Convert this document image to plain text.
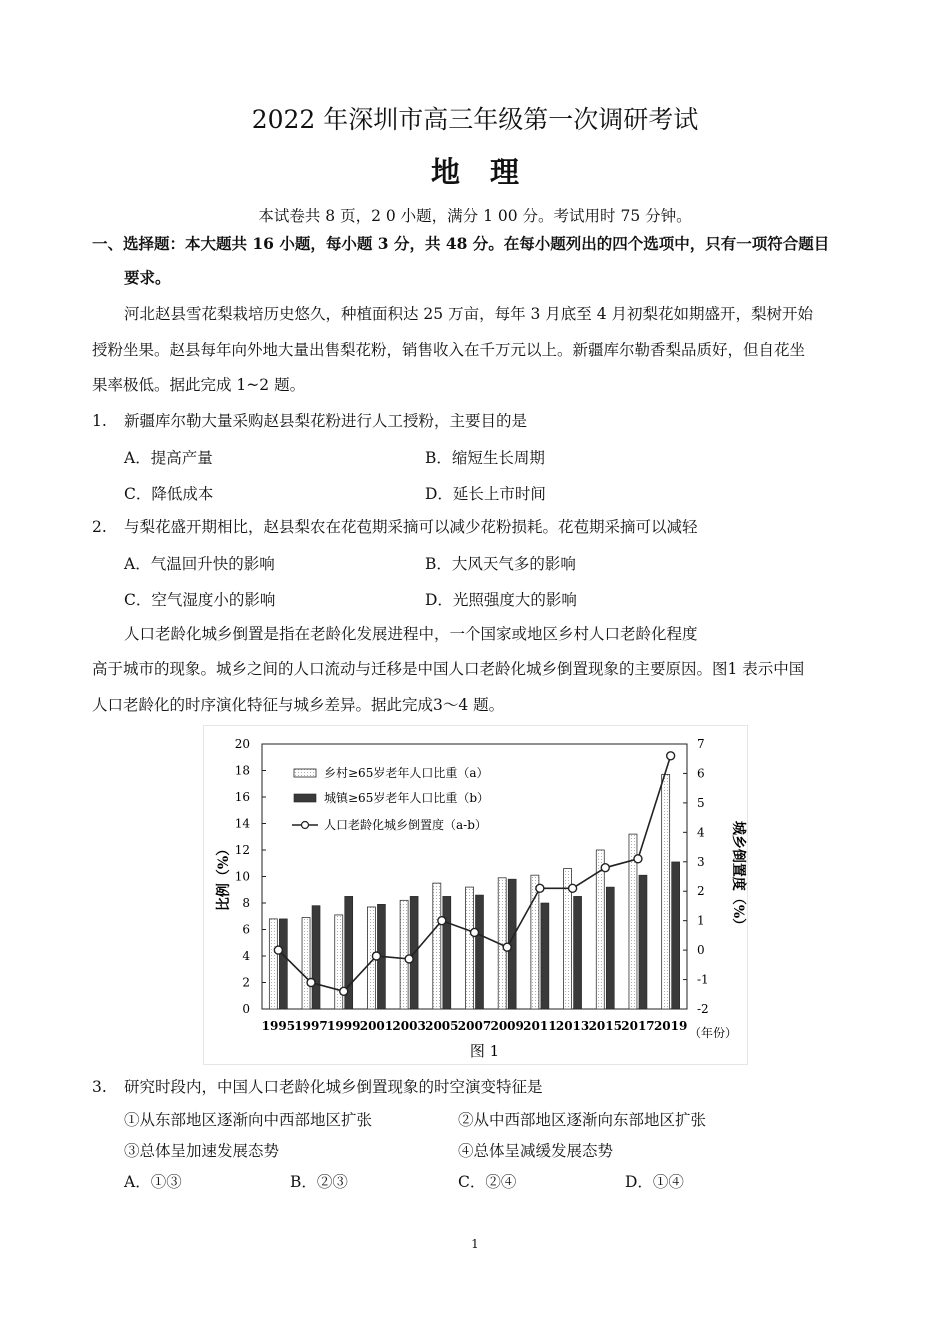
2022 年深圳市高三年级第一次调研考试
地理
本试卷共 8 页，2 0 小题，满分 1 00 分。考试用时 75 分钟。
一、选择题：本大题共 16 小题，每小题 3 分，共 48 分。在每小题列出的四个选项中，只有一项符合题目
要求。
河北赵县雪花梨栽培历史悠久，种植面积达 25 万亩，每年 3 月底至 4 月初梨花如期盛开，梨树开始
授粉坐果。赵县每年向外地大量出售梨花粉，销售收入在千万元以上。新疆库尔勒香梨品质好，但自花坐
果率极低。据此完成 1~2 题。
1. 新疆库尔勒大量采购赵县梨花粉进行人工授粉，主要目的是
A．提高产量	B．缩短生长周期
C．降低成本	D．延长上市时间
2. 与梨花盛开期相比，赵县梨农在花苞期采摘可以减少花粉损耗。花苞期采摘可以减轻
A．气温回升快的影响	B．大风天气多的影响
C．空气湿度小的影响	D．光照强度大的影响
人口老龄化城乡倒置是指在老龄化发展进程中，一个国家或地区乡村人口老龄化程度
高于城市的现象。城乡之间的人口流动与迁移是中国人口老龄化城乡倒置现象的主要原因。图1 表示中国
人口老龄化的时序演化特征与城乡差异。据此完成3～4 题。
0
2
4
6
8
10
12
14
16
18
20
-2
-1
0
1
2
3
4
5
6
7
1995 1997 1999 2001 2003 2005 2007 2009 2011 2013 2015 2017 2019
乡村≥65岁老年人口比重（a）
城镇≥65岁老年人口比重（b）
人口老龄化城乡倒置度（a-b）
比例（%）	城乡倒置度（%）
（年份）
图 1
3. 研究时段内，中国人口老龄化城乡倒置现象的时空演变特征是
①从东部地区逐渐向中西部地区扩张	②从中西部地区逐渐向东部地区扩张
③总体呈加速发展态势	④总体呈减缓发展态势
A．①③	B．②③	C．②④	D．①④
1
